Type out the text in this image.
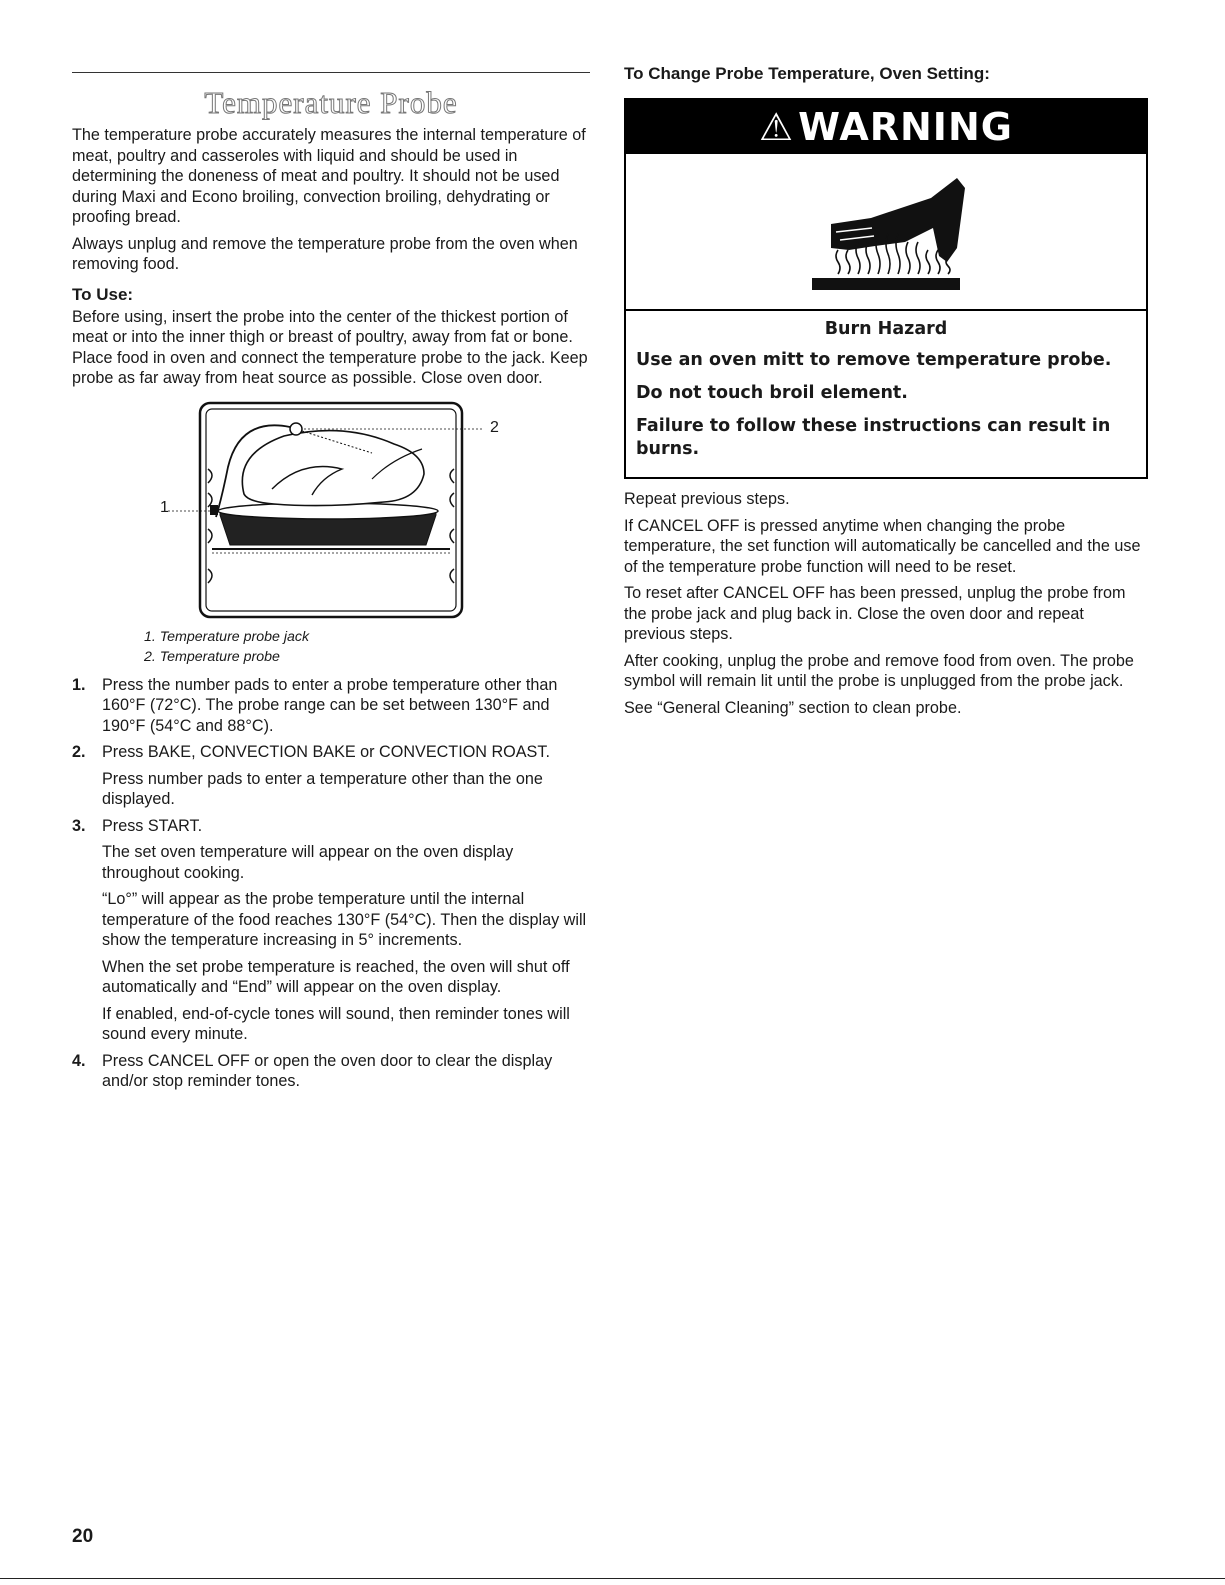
Temperature Probe

The temperature probe accurately measures the internal temperature of meat, poultry and casseroles with liquid and should be used in determining the doneness of meat and poultry. It should not be used during Maxi and Econo broiling, convection broiling, dehydrating or proofing bread.

Always unplug and remove the temperature probe from the oven when removing food.

To Use:

Before using, insert the probe into the center of the thickest portion of meat or into the inner thigh or breast of poultry, away from fat or bone. Place food in oven and connect the temperature probe to the jack. Keep probe as far away from heat source as possible. Close oven door.

1
2
1. Temperature probe jack
2. Temperature probe
1. Press the number pads to enter a probe temperature other than 160°F (72°C). The probe range can be set between 130°F and 190°F (54°C and 88°C).

2. Press BAKE, CONVECTION BAKE or CONVECTION ROAST.

Press number pads to enter a temperature other than the one displayed.

3. Press START.

The set oven temperature will appear on the oven display throughout cooking.

“Lo°” will appear as the probe temperature until the internal temperature of the food reaches 130°F (54°C). Then the display will show the temperature increasing in 5° increments.

When the set probe temperature is reached, the oven will shut off automatically and “End” will appear on the oven display.

If enabled, end-of-cycle tones will sound, then reminder tones will sound every minute.

4. Press CANCEL OFF or open the oven door to clear the display and/or stop reminder tones.

To Change Probe Temperature, Oven Setting:
⚠ WARNING
Burn Hazard
Use an oven mitt to remove temperature probe.
Do not touch broil element.
Failure to follow these instructions can result in burns.

Repeat previous steps.

If CANCEL OFF is pressed anytime when changing the probe temperature, the set function will automatically be cancelled and the use of the temperature probe function will need to be reset.

To reset after CANCEL OFF has been pressed, unplug the probe from the probe jack and plug back in. Close the oven door and repeat previous steps.

After cooking, unplug the probe and remove food from oven. The probe symbol will remain lit until the probe is unplugged from the probe jack.

See “General Cleaning” section to clean probe.

20
